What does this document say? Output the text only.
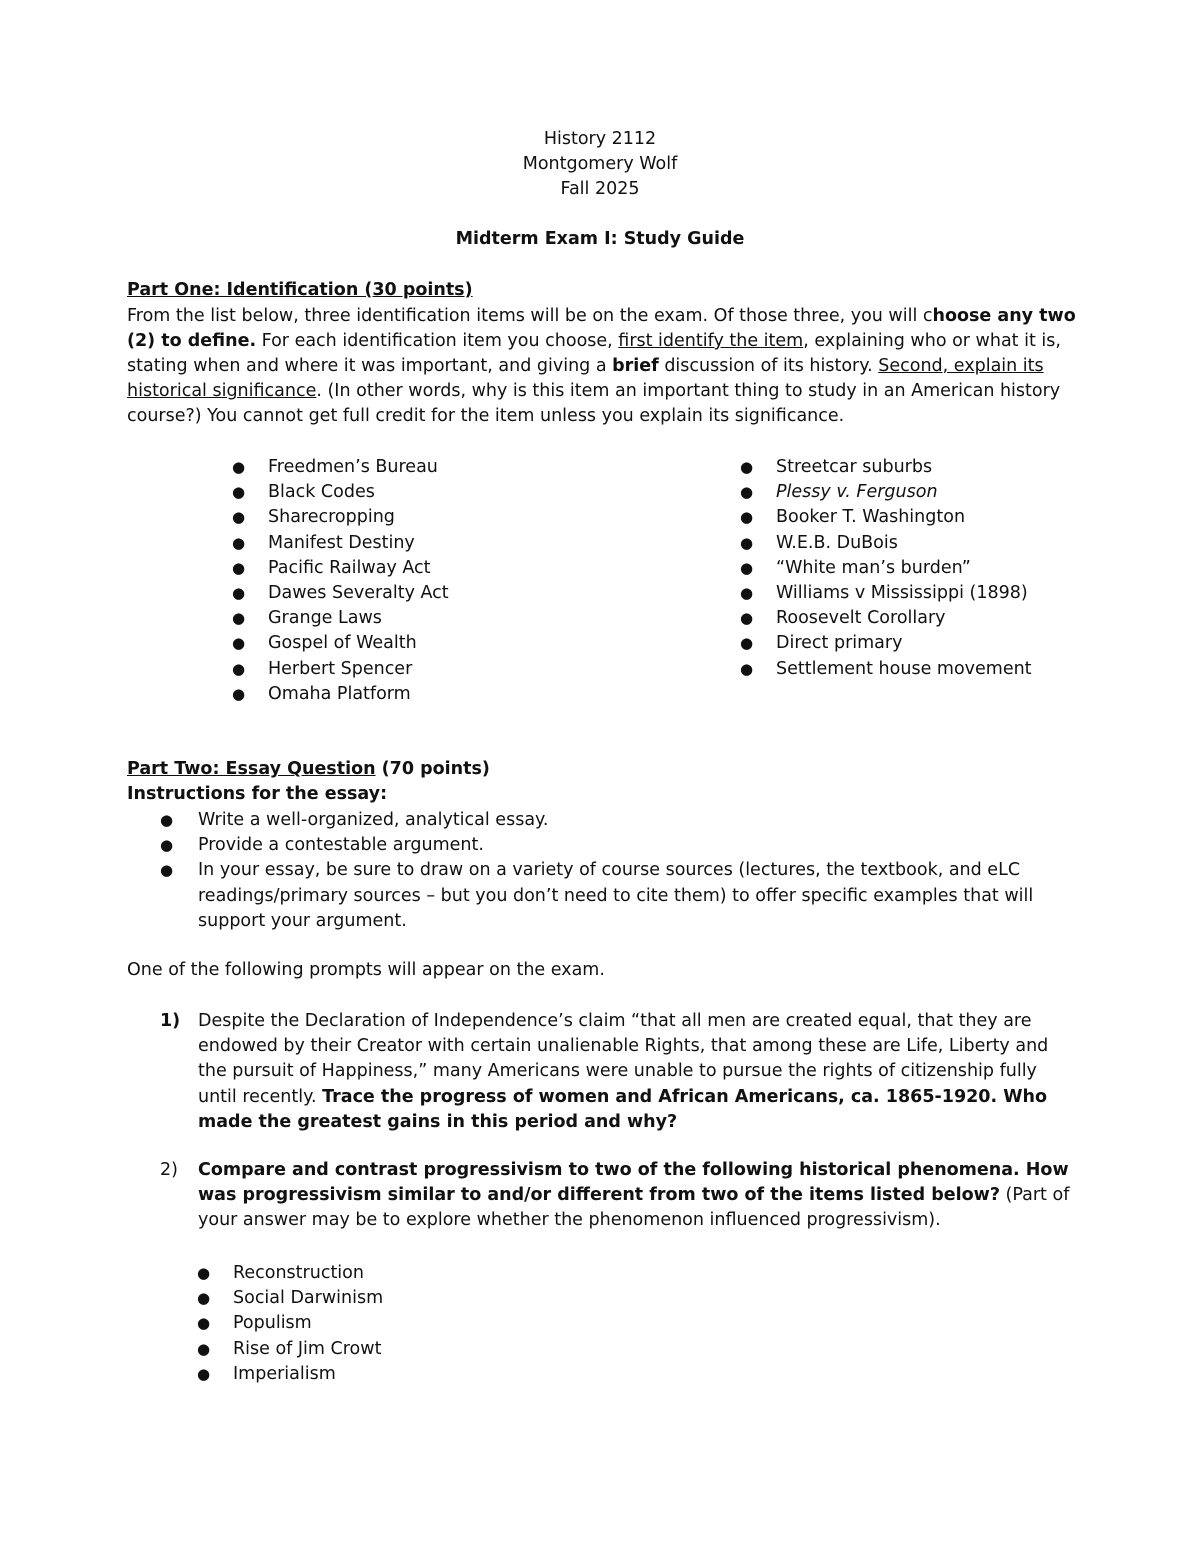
History 2112
Montgomery Wolf
Fall 2025
Midterm Exam I: Study Guide
Part One: Identification (30 points)
From the list below, three identification items will be on the exam. Of those three, you will choose any two (2) to define. For each identification item you choose, first identify the item, explaining who or what it is, stating when and where it was important, and giving a brief discussion of its history. Second, explain its historical significance. (In other words, why is this item an important thing to study in an American history course?) You cannot get full credit for the item unless you explain its significance.
● Freedmen’s Bureau
● Black Codes
● Sharecropping
● Manifest Destiny
● Pacific Railway Act
● Dawes Severalty Act
● Grange Laws
● Gospel of Wealth
● Herbert Spencer
● Omaha Platform
● Streetcar suburbs
● Plessy v. Ferguson
● Booker T. Washington
● W.E.B. DuBois
● “White man’s burden”
● Williams v Mississippi (1898)
● Roosevelt Corollary
● Direct primary
● Settlement house movement
Part Two: Essay Question (70 points)
Instructions for the essay:
● Write a well-organized, analytical essay.
● Provide a contestable argument.
● In your essay, be sure to draw on a variety of course sources (lectures, the textbook, and eLC readings/primary sources – but you don’t need to cite them) to offer specific examples that will support your argument.
One of the following prompts will appear on the exam.
1) Despite the Declaration of Independence’s claim “that all men are created equal, that they are endowed by their Creator with certain unalienable Rights, that among these are Life, Liberty and the pursuit of Happiness,” many Americans were unable to pursue the rights of citizenship fully until recently. Trace the progress of women and African Americans, ca. 1865-1920. Who made the greatest gains in this period and why?
2) Compare and contrast progressivism to two of the following historical phenomena. How was progressivism similar to and/or different from two of the items listed below? (Part of your answer may be to explore whether the phenomenon influenced progressivism).
● Reconstruction
● Social Darwinism
● Populism
● Rise of Jim Crowt
● Imperialism
